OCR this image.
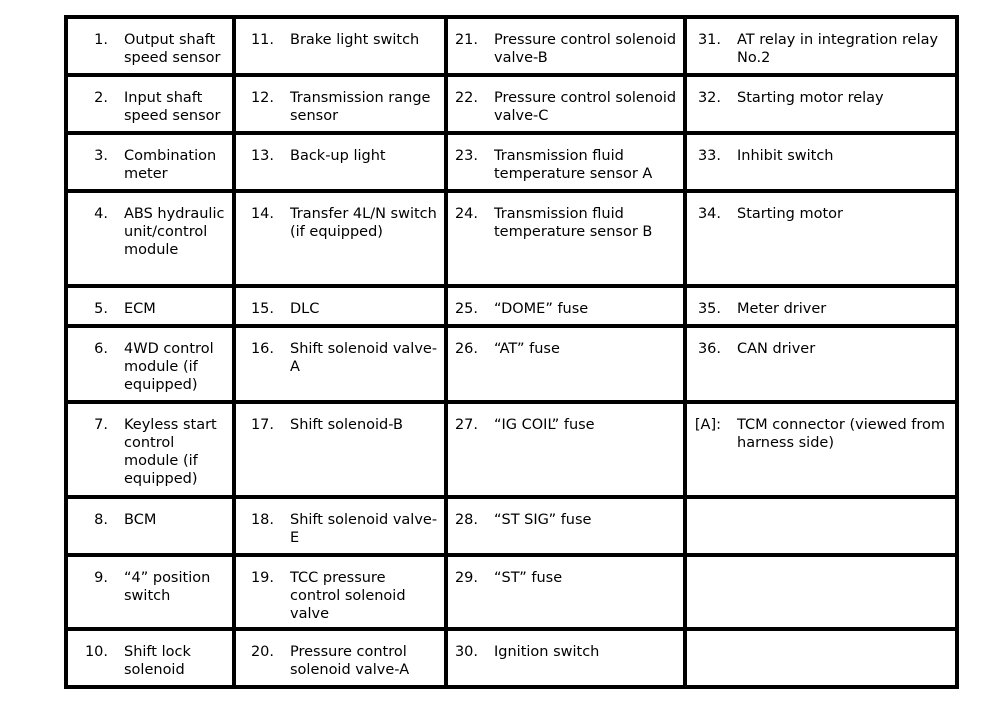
1. Output shaft speed sensor	11. Brake light switch	21. Pressure control solenoid valve-B	31. AT relay in integration relay No.2

2. Input shaft speed sensor	12. Transmission range sensor	22. Pressure control solenoid valve-C	32. Starting motor relay

3. Combination meter	13. Back-up light	23. Transmission fluid temperature sensor A	33. Inhibit switch

4. ABS hydraulic unit/control module	14. Transfer 4L/N switch (if equipped)	24. Transmission fluid temperature sensor B	34. Starting motor

5. ECM	15. DLC	25. “DOME” fuse	35. Meter driver

6. 4WD control module (if equipped)	16. Shift solenoid valve-A	26. “AT” fuse	36. CAN driver

7. Keyless start control module (if equipped)	17. Shift solenoid-B	27. “IG COIL” fuse	[A]: TCM connector (viewed from harness side)

8. BCM	18. Shift solenoid valve-E	28. “ST SIG” fuse	

9. “4” position switch	19. TCC pressure control solenoid valve	29. “ST” fuse	

10. Shift lock solenoid	20. Pressure control solenoid valve-A	30. Ignition switch	
